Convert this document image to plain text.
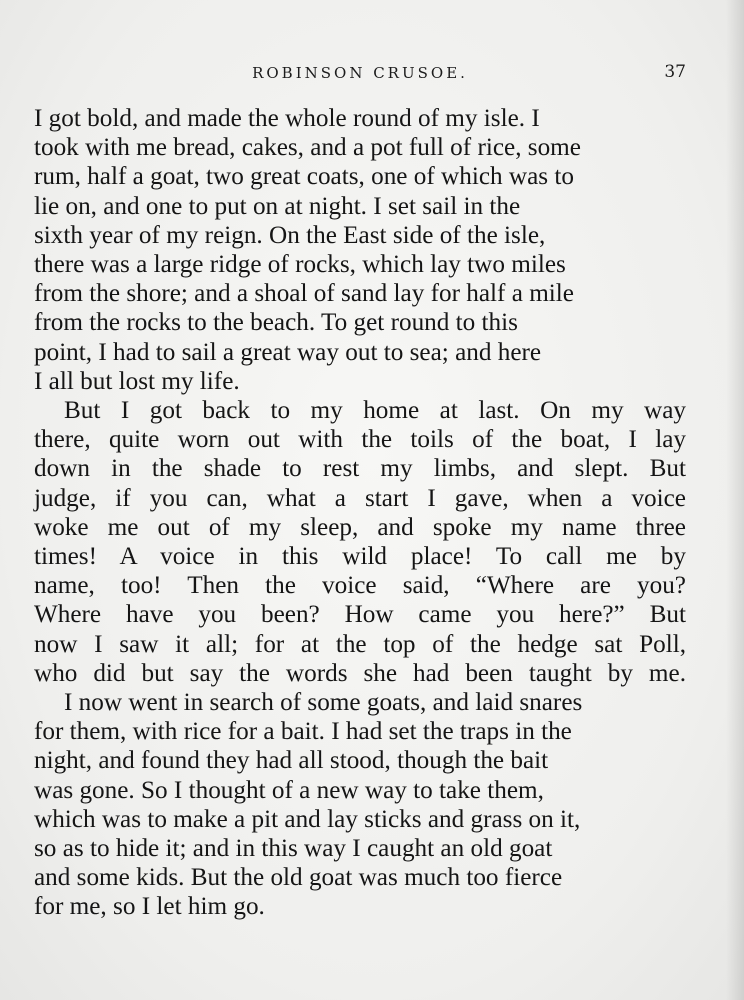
ROBINSON CRUSOE.	37

I got bold, and made the whole round of my isle. I
took with me bread, cakes, and a pot full of rice, some
rum, half a goat, two great coats, one of which was to
lie on, and one to put on at night. I set sail in the
sixth year of my reign. On the East side of the isle,
there was a large ridge of rocks, which lay two miles
from the shore; and a shoal of sand lay for half a mile
from the rocks to the beach. To get round to this
point, I had to sail a great way out to sea; and here
I all but lost my life.

But I got back to my home at last. On my way
there, quite worn out with the toils of the boat, I lay
down in the shade to rest my limbs, and slept. But
judge, if you can, what a start I gave, when a voice
woke me out of my sleep, and spoke my name three
times! A voice in this wild place! To call me by
name, too! Then the voice said, “Where are you?
Where have you been? How came you here?” But
now I saw it all; for at the top of the hedge sat Poll,
who did but say the words she had been taught by me.

I now went in search of some goats, and laid snares
for them, with rice for a bait. I had set the traps in the
night, and found they had all stood, though the bait
was gone. So I thought of a new way to take them,
which was to make a pit and lay sticks and grass on it,
so as to hide it; and in this way I caught an old goat
and some kids. But the old goat was much too fierce
for me, so I let him go.
